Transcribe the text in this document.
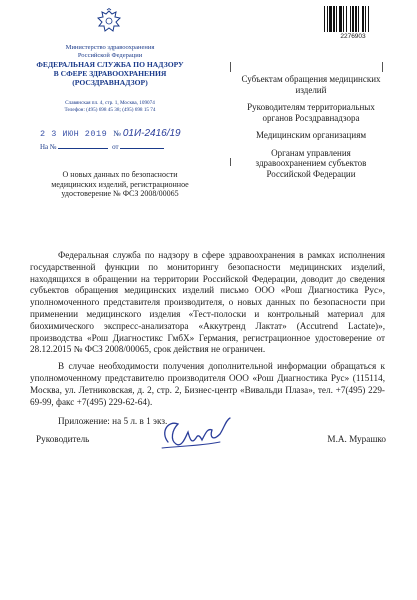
Министерство здравоохранения
Российской Федерации
ФЕДЕРАЛЬНАЯ СЛУЖБА ПО НАДЗОРУ
В СФЕРЕ ЗДРАВООХРАНЕНИЯ
(РОСЗДРАВНАДЗОР)
Славянская пл. 4, стр. 1, Москва, 109074
Телефон: (495) 698 45 38; (495) 698 15 74
2 3 ИЮН 2019 № 01И-2416/19
На №	от
О новых данных по безопасности медицинских изделий, регистрационное удостоверение № ФСЗ 2008/00065
2276903
Субъектам обращения медицинских изделий
Руководителям территориальных органов Росздравнадзора
Медицинским организациям
Органам управления здравоохранением субъектов Российской Федерации

Федеральная служба по надзору в сфере здравоохранения в рамках исполнения государственной функции по мониторингу безопасности медицинских изделий, находящихся в обращении на территории Российской Федерации, доводит до сведения субъектов обращения медицинских изделий письмо ООО «Рош Диагностика Рус», уполномоченного представителя производителя, о новых данных по безопасности при применении медицинского изделия «Тест-полоски и контрольный материал для биохимического экспресс-анализатора «Аккутренд Лактат» (Accutrend Lactate)», производства «Рош Диагностикс ГмбХ» Германия, регистрационное удостоверение от 28.12.2015 № ФСЗ 2008/00065, срок действия не ограничен.

В случае необходимости получения дополнительной информации обращаться к уполномоченному представителю производителя ООО «Рош Диагностика Рус» (115114, Москва, ул. Летниковская, д. 2, стр. 2, Бизнес-центр «Вивальди Плаза», тел. +7(495) 229-69-99, факс +7(495) 229-62-64).

Приложение: на 5 л. в 1 экз.

Руководитель	М.А. Мурашко
